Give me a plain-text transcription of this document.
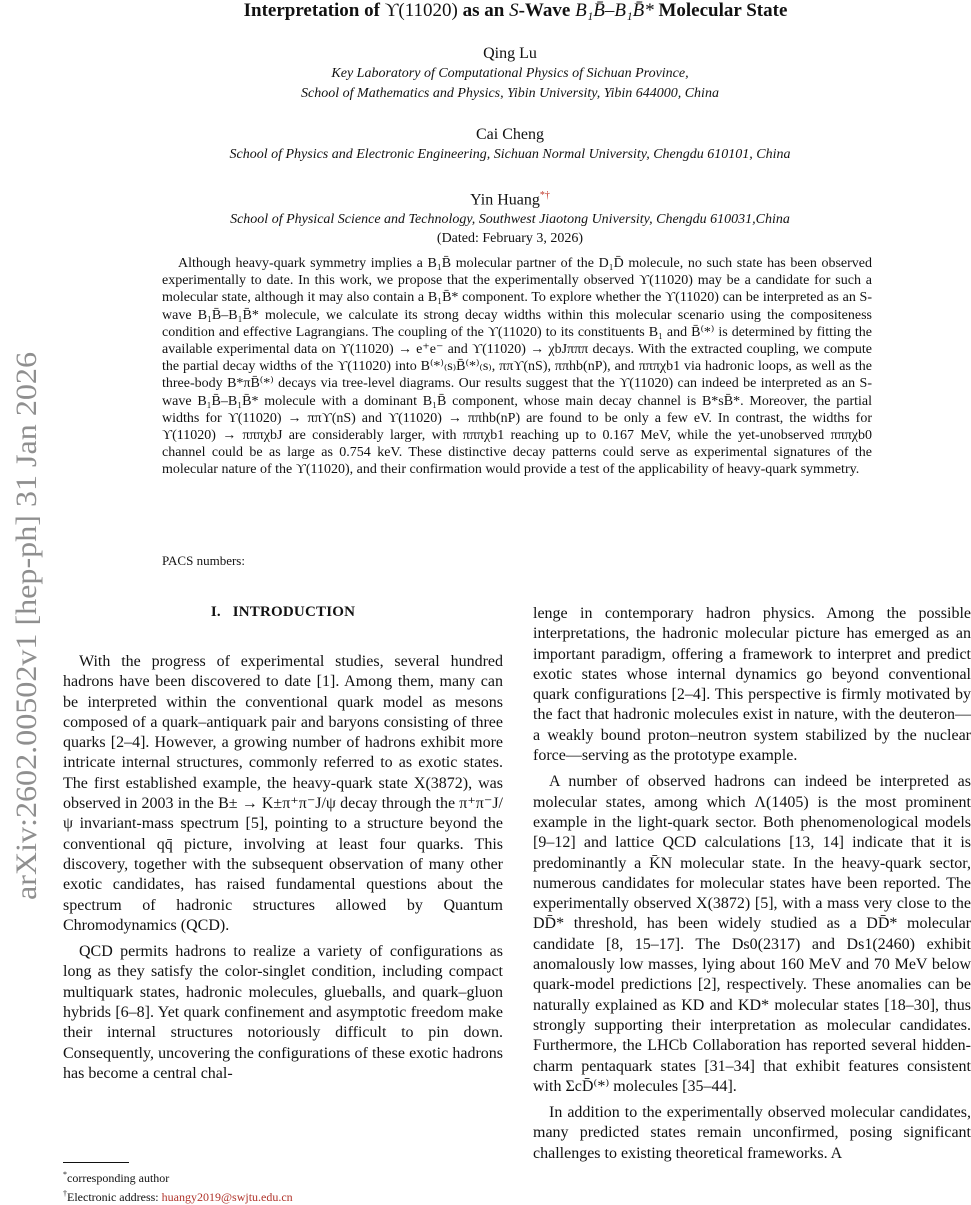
arXiv:2602.00502v1 [hep-ph] 31 Jan 2026
Interpretation of ϒ(11020) as an S-Wave B₁B̄–B₁B̄* Molecular State
Qing Lu
Key Laboratory of Computational Physics of Sichuan Province,
School of Mathematics and Physics, Yibin University, Yibin 644000, China
Cai Cheng
School of Physics and Electronic Engineering, Sichuan Normal University, Chengdu 610101, China
Yin Huang*†
School of Physical Science and Technology, Southwest Jiaotong University, Chengdu 610031,China
(Dated: February 3, 2026)
Although heavy-quark symmetry implies a B₁B̄ molecular partner of the D₁D̄ molecule, no such state has been observed experimentally to date. In this work, we propose that the experimentally observed ϒ(11020) may be a candidate for such a molecular state, although it may also contain a B₁B̄* component. To explore whether the ϒ(11020) can be interpreted as an S-wave B₁B̄–B₁B̄* molecule, we calculate its strong decay widths within this molecular scenario using the compositeness condition and effective Lagrangians. The coupling of the ϒ(11020) to its constituents B₁ and B̄⁽*⁾ is determined by fitting the available experimental data on ϒ(11020) → e⁺e⁻ and ϒ(11020) → χbJπππ decays. With the extracted coupling, we compute the partial decay widths of the ϒ(11020) into B⁽*⁾₍s₎B̄⁽*⁾₍s₎, ππϒ(nS), ππhb(nP), and πππχb1 via hadronic loops, as well as the three-body B*πB̄⁽*⁾ decays via tree-level diagrams. Our results suggest that the ϒ(11020) can indeed be interpreted as an S-wave B₁B̄–B₁B̄* molecule with a dominant B₁B̄ component, whose main decay channel is B*sB̄*. Moreover, the partial widths for ϒ(11020) → ππϒ(nS) and ϒ(11020) → ππhb(nP) are found to be only a few eV. In contrast, the widths for ϒ(11020) → πππχbJ are considerably larger, with πππχb1 reaching up to 0.167 MeV, while the yet-unobserved πππχb0 channel could be as large as 0.754 keV. These distinctive decay patterns could serve as experimental signatures of the molecular nature of the ϒ(11020), and their confirmation would provide a test of the applicability of heavy-quark symmetry.
PACS numbers:
I. INTRODUCTION

With the progress of experimental studies, several hundred hadrons have been discovered to date [1]. Among them, many can be interpreted within the conventional quark model as mesons composed of a quark–antiquark pair and baryons consisting of three quarks [2–4]. However, a growing number of hadrons exhibit more intricate internal structures, commonly referred to as exotic states. The first established example, the heavy-quark state X(3872), was observed in 2003 in the B± → K±π⁺π⁻J/ψ decay through the π⁺π⁻J/ψ invariant-mass spectrum [5], pointing to a structure beyond the conventional qq̄ picture, involving at least four quarks. This discovery, together with the subsequent observation of many other exotic candidates, has raised fundamental questions about the spectrum of hadronic structures allowed by Quantum Chromodynamics (QCD).

QCD permits hadrons to realize a variety of configurations as long as they satisfy the color-singlet condition, including compact multiquark states, hadronic molecules, glueballs, and quark–gluon hybrids [6–8]. Yet quark confinement and asymptotic freedom make their internal structures notoriously difficult to pin down. Consequently, uncovering the configurations of these exotic hadrons has become a central chal-

lenge in contemporary hadron physics. Among the possible interpretations, the hadronic molecular picture has emerged as an important paradigm, offering a framework to interpret and predict exotic states whose internal dynamics go beyond conventional quark configurations [2–4]. This perspective is firmly motivated by the fact that hadronic molecules exist in nature, with the deuteron—a weakly bound proton–neutron system stabilized by the nuclear force—serving as the prototype example.

A number of observed hadrons can indeed be interpreted as molecular states, among which Λ(1405) is the most prominent example in the light-quark sector. Both phenomenological models [9–12] and lattice QCD calculations [13, 14] indicate that it is predominantly a K̄N molecular state. In the heavy-quark sector, numerous candidates for molecular states have been reported. The experimentally observed X(3872) [5], with a mass very close to the DD̄* threshold, has been widely studied as a DD̄* molecular candidate [8, 15–17]. The Ds0(2317) and Ds1(2460) exhibit anomalously low masses, lying about 160 MeV and 70 MeV below quark-model predictions [2], respectively. These anomalies can be naturally explained as KD and KD* molecular states [18–30], thus strongly supporting their interpretation as molecular candidates. Furthermore, the LHCb Collaboration has reported several hidden-charm pentaquark states [31–34] that exhibit features consistent with ΣcD̄⁽*⁾ molecules [35–44].

In addition to the experimentally observed molecular candidates, many predicted states remain unconfirmed, posing significant challenges to existing theoretical frameworks. A

*corresponding author
†Electronic address: huangy2019@swjtu.edu.cn
